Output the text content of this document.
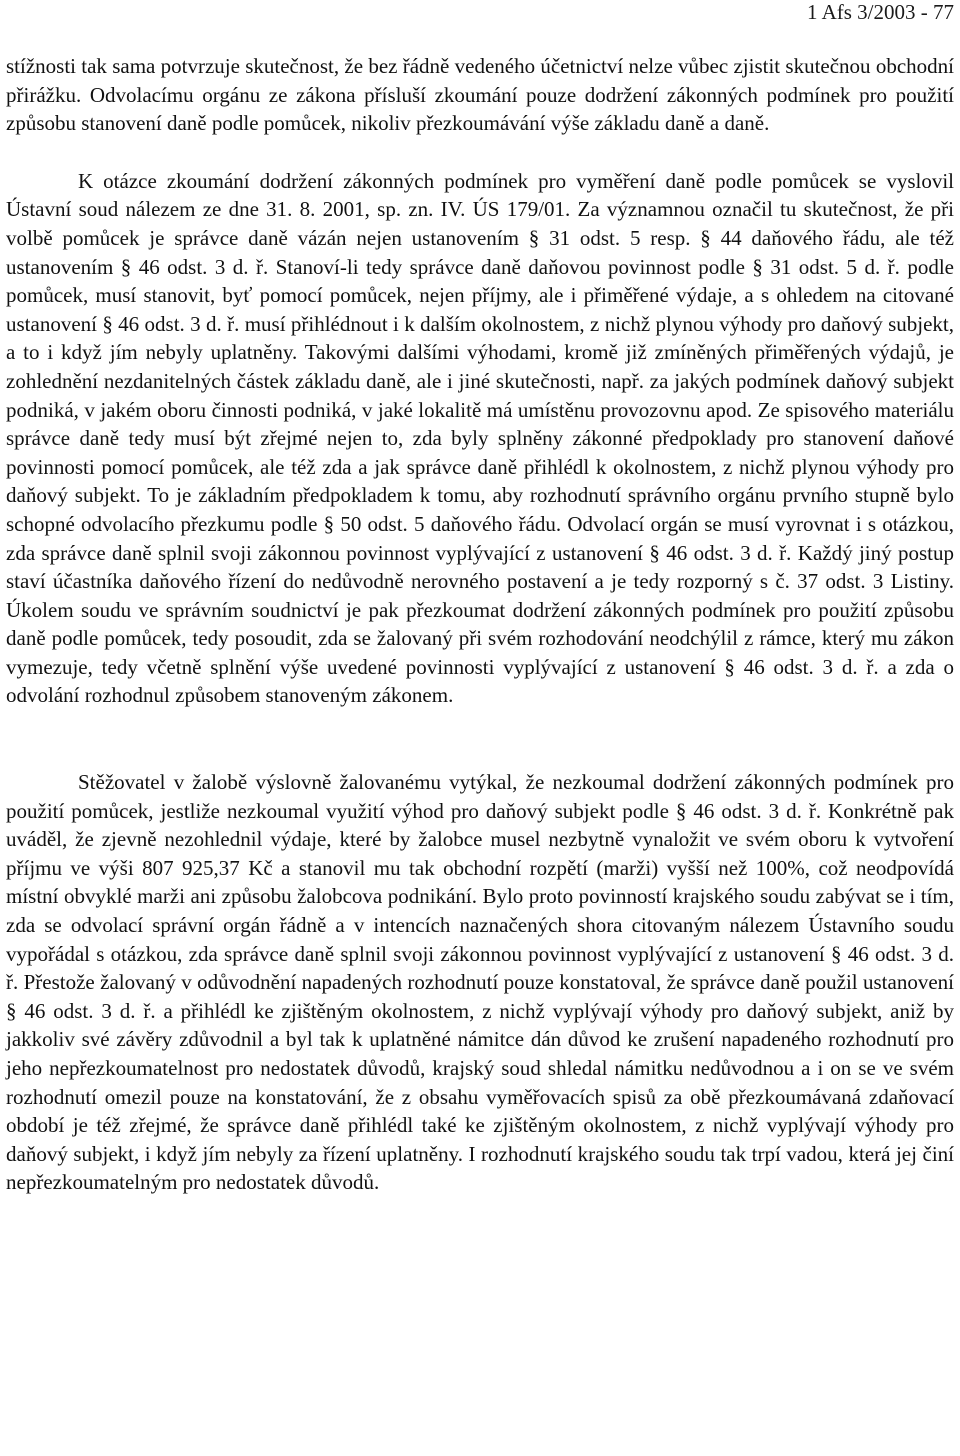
1 Afs 3/2003 - 77

stížnosti tak sama potvrzuje skutečnost, že bez řádně vedeného účetnictví nelze vůbec zjistit skutečnou obchodní přirážku. Odvolacímu orgánu ze zákona přísluší zkoumání pouze dodržení zákonných podmínek pro použití způsobu stanovení daně podle pomůcek, nikoliv přezkoumávání výše základu daně a daně.

K otázce zkoumání dodržení zákonných podmínek pro vyměření daně podle pomůcek se vyslovil Ústavní soud nálezem ze dne 31. 8. 2001, sp. zn. IV. ÚS 179/01. Za významnou označil tu skutečnost, že při volbě pomůcek je správce daně vázán nejen ustanovením § 31 odst. 5 resp. § 44 daňového řádu, ale též ustanovením § 46 odst. 3 d. ř. Stanoví-li tedy správce daně daňovou povinnost podle § 31 odst. 5 d. ř. podle pomůcek, musí stanovit, byť pomocí pomůcek, nejen příjmy, ale i přiměřené výdaje, a s ohledem na citované ustanovení § 46 odst. 3 d. ř. musí přihlédnout i k dalším okolnostem, z nichž plynou výhody pro daňový subjekt, a to i když jím nebyly uplatněny. Takovými dalšími výhodami, kromě již zmíněných přiměřených výdajů, je zohlednění nezdanitelných částek základu daně, ale i jiné skutečnosti, např. za jakých podmínek daňový subjekt podniká, v jakém oboru činnosti podniká, v jaké lokalitě má umístěnu provozovnu apod. Ze spisového materiálu správce daně tedy musí být zřejmé nejen to, zda byly splněny zákonné předpoklady pro stanovení daňové povinnosti pomocí pomůcek, ale též zda a jak správce daně přihlédl k okolnostem, z nichž plynou výhody pro daňový subjekt. To je základním předpokladem k tomu, aby rozhodnutí správního orgánu prvního stupně bylo schopné odvolacího přezkumu podle § 50 odst. 5 daňového řádu. Odvolací orgán se musí vyrovnat i s otázkou, zda správce daně splnil svoji zákonnou povinnost vyplývající z ustanovení § 46 odst. 3 d. ř. Každý jiný postup staví účastníka daňového řízení do nedůvodně nerovného postavení a je tedy rozporný s č. 37 odst. 3 Listiny. Úkolem soudu ve správním soudnictví je pak přezkoumat dodržení zákonných podmínek pro použití způsobu daně podle pomůcek, tedy posoudit, zda se žalovaný při svém rozhodování neodchýlil z rámce, který mu zákon vymezuje, tedy včetně splnění výše uvedené povinnosti vyplývající z ustanovení § 46 odst. 3 d. ř. a zda o odvolání rozhodnul způsobem stanoveným zákonem.

Stěžovatel v žalobě výslovně žalovanému vytýkal, že nezkoumal dodržení zákonných podmínek pro použití pomůcek, jestliže nezkoumal využití výhod pro daňový subjekt podle § 46 odst. 3 d. ř. Konkrétně pak uváděl, že zjevně nezohlednil výdaje, které by žalobce musel nezbytně vynaložit ve svém oboru k vytvoření příjmu ve výši 807 925,37 Kč a stanovil mu tak obchodní rozpětí (marži) vyšší než 100%, což neodpovídá místní obvyklé marži ani způsobu žalobcova podnikání. Bylo proto povinností krajského soudu zabývat se i tím, zda se odvolací správní orgán řádně a v intencích naznačených shora citovaným nálezem Ústavního soudu vypořádal s otázkou, zda správce daně splnil svoji zákonnou povinnost vyplývající z ustanovení § 46 odst. 3 d. ř. Přestože žalovaný v odůvodnění napadených rozhodnutí pouze konstatoval, že správce daně použil ustanovení § 46 odst. 3 d. ř. a přihlédl ke zjištěným okolnostem, z nichž vyplývají výhody pro daňový subjekt, aniž by jakkoliv své závěry zdůvodnil a byl tak k uplatněné námitce dán důvod ke zrušení napadeného rozhodnutí pro jeho nepřezkoumatelnost pro nedostatek důvodů, krajský soud shledal námitku nedůvodnou a i on se ve svém rozhodnutí omezil pouze na konstatování, že z obsahu vyměřovacích spisů za obě přezkoumávaná zdaňovací období je též zřejmé, že správce daně přihlédl také ke zjištěným okolnostem, z nichž vyplývají výhody pro daňový subjekt, i když jím nebyly za řízení uplatněny. I rozhodnutí krajského soudu tak trpí vadou, která jej činí nepřezkoumatelným pro nedostatek důvodů.
